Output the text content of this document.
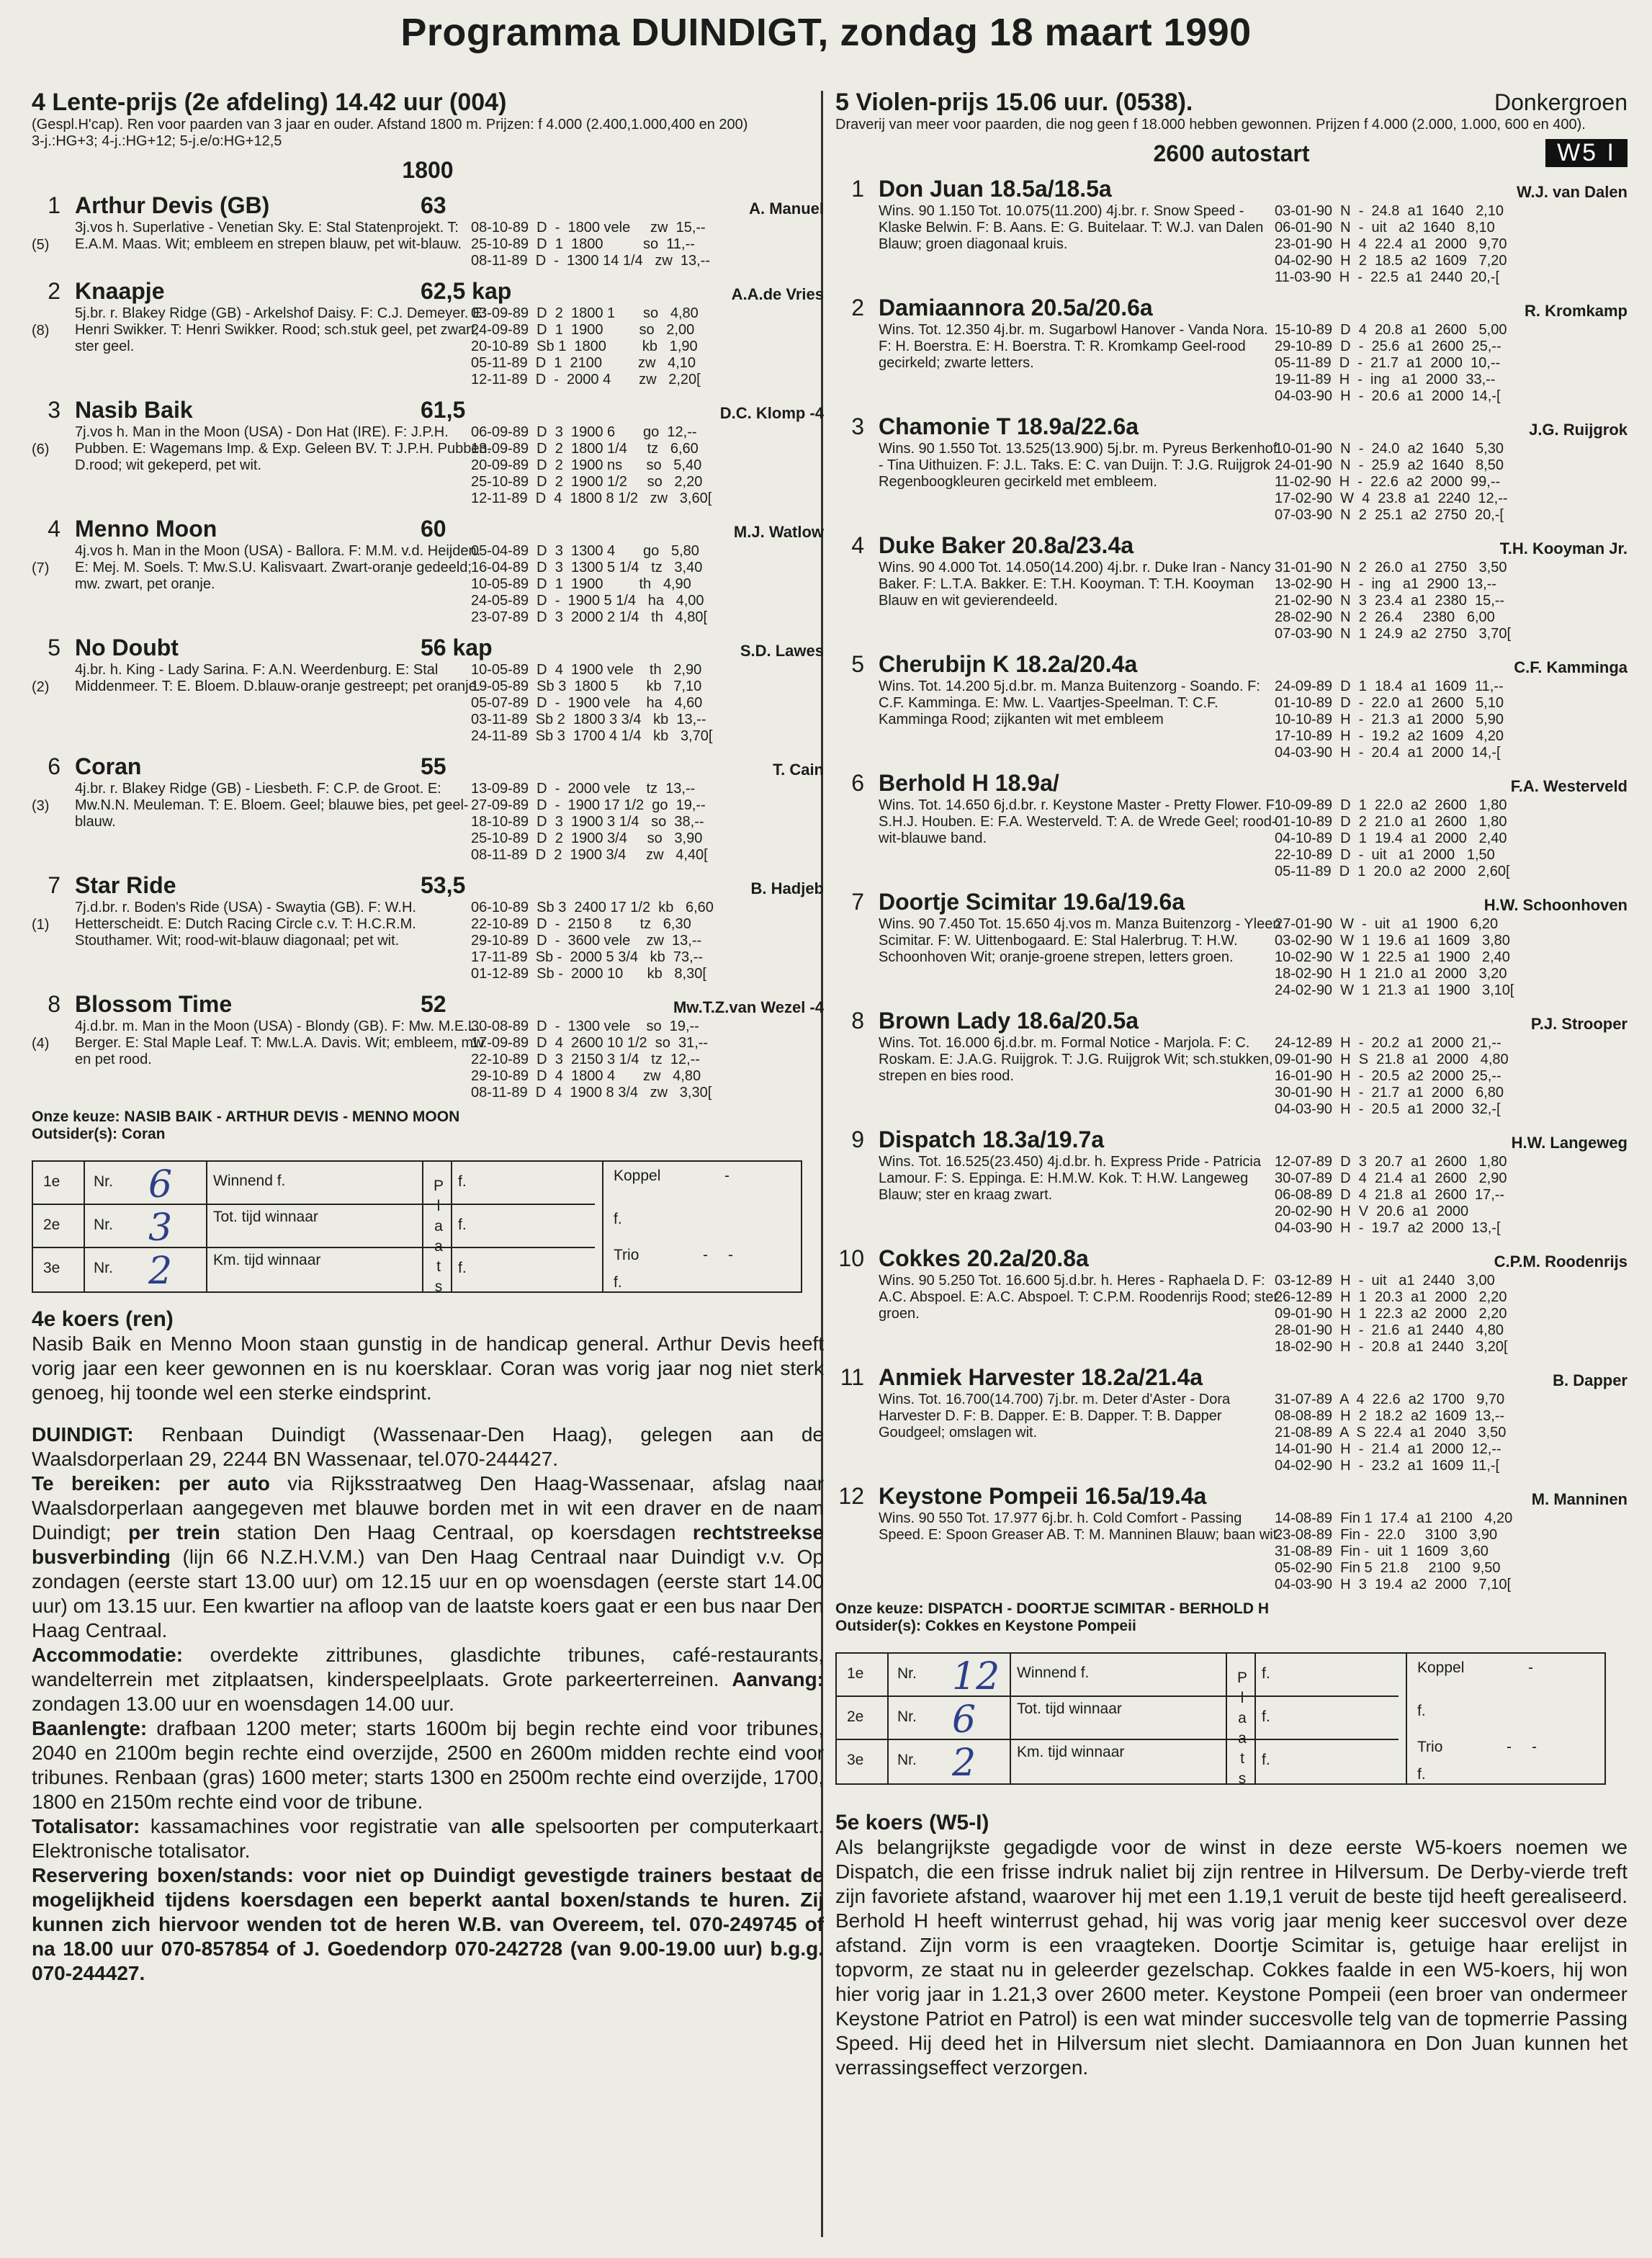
Programma DUINDIGT, zondag 18 maart 1990
4 Lente-prijs (2e afdeling) 14.42 uur (004)
(Gespl.H'cap). Ren voor paarden van 3 jaar en ouder. Afstand 1800 m. Prijzen: f 4.000 (2.400,1.000,400 en 200)
3-j.:HG+3; 4-j.:HG+12; 5-j.e/o:HG+12,5
1800
1 Arthur Devis (GB)	63	A. Manuel
(5)
3j.vos h. Superlative - Venetian Sky. E: Stal Statenprojekt. T: E.A.M. Maas. Wit; embleem en strepen blauw, pet wit-blauw.
08-10-89  D  -  1800 vele     zw  15,--
25-10-89  D  1  1800          so  11,--
08-11-89  D  -  1300 14 1/4   zw  13,--
2 Knaapje	62,5 kap	A.A.de Vries
(8)
5j.br. r. Blakey Ridge (GB) - Arkelshof Daisy. F: C.J. Demeyer. E: Henri Swikker. T: Henri Swikker. Rood; sch.stuk geel, pet zwart, ster geel.
03-09-89  D  2  1800 1       so   4,80
24-09-89  D  1  1900         so   2,00
20-10-89  Sb 1  1800         kb   1,90
05-11-89  D  1  2100         zw   4,10
12-11-89  D  -  2000 4       zw   2,20[
3 Nasib Baik	61,5	D.C. Klomp -4
(6)
7j.vos h. Man in the Moon (USA) - Don Hat (IRE). F: J.P.H. Pubben. E: Wagemans Imp. & Exp. Geleen BV. T: J.P.H. Pubben. D.rood; wit gekeperd, pet wit.
06-09-89  D  3  1900 6       go  12,--
13-09-89  D  2  1800 1/4     tz   6,60
20-09-89  D  2  1900 ns      so   5,40
25-10-89  D  2  1900 1/2     so   2,20
12-11-89  D  4  1800 8 1/2   zw   3,60[
4 Menno Moon	60	M.J. Watlow
(7)
4j.vos h. Man in the Moon (USA) - Ballora. F: M.M. v.d. Heijden. E: Mej. M. Soels. T: Mw.S.U. Kalisvaart. Zwart-oranje gedeeld; mw. zwart, pet oranje.
05-04-89  D  3  1300 4       go   5,80
16-04-89  D  3  1300 5 1/4   tz   3,40
10-05-89  D  1  1900         th   4,90
24-05-89  D  -  1900 5 1/4   ha   4,00
23-07-89  D  3  2000 2 1/4   th   4,80[
5 No Doubt	56 kap	S.D. Lawes
(2)
4j.br. h. King - Lady Sarina. F: A.N. Weerdenburg. E: Stal Middenmeer. T: E. Bloem. D.blauw-oranje gestreept; pet oranje.
10-05-89  D  4  1900 vele    th   2,90
19-05-89  Sb 3  1800 5       kb   7,10
05-07-89  D  -  1900 vele    ha   4,60
03-11-89  Sb 2  1800 3 3/4   kb  13,--
24-11-89  Sb 3  1700 4 1/4   kb   3,70[
6 Coran	55	T. Cain
(3)
4j.br. r. Blakey Ridge (GB) - Liesbeth. F: C.P. de Groot. E: Mw.N.N. Meuleman. T: E. Bloem. Geel; blauwe bies, pet geel-blauw.
13-09-89  D  -  2000 vele    tz  13,--
27-09-89  D  -  1900 17 1/2  go  19,--
18-10-89  D  3  1900 3 1/4   so  38,--
25-10-89  D  2  1900 3/4     so   3,90
08-11-89  D  2  1900 3/4     zw   4,40[
7 Star Ride	53,5	B. Hadjeb
(1)
7j.d.br. r. Boden's Ride (USA) - Swaytia (GB). F: W.H. Hetterscheidt. E: Dutch Racing Circle c.v. T: H.C.R.M. Stouthamer. Wit; rood-wit-blauw diagonaal; pet wit.
06-10-89  Sb 3  2400 17 1/2  kb   6,60
22-10-89  D  -  2150 8       tz   6,30
29-10-89  D  -  3600 vele    zw  13,--
17-11-89  Sb -  2000 5 3/4   kb  73,--
01-12-89  Sb -  2000 10      kb   8,30[
8 Blossom Time	52	Mw.T.Z.van Wezel -4
(4)
4j.d.br. m. Man in the Moon (USA) - Blondy (GB). F: Mw. M.E.L. Berger. E: Stal Maple Leaf. T: Mw.L.A. Davis. Wit; embleem, mw. en pet rood.
30-08-89  D  -  1300 vele    so  19,--
17-09-89  D  4  2600 10 1/2  so  31,--
22-10-89  D  3  2150 3 1/4   tz  12,--
29-10-89  D  4  1800 4       zw   4,80
08-11-89  D  4  1900 8 3/4   zw   3,30[
Onze keuze: NASIB BAIK - ARTHUR DEVIS - MENNO MOON
Outsider(s): Coran
1e Nr. 6	Winnend f.	f.
2e Nr. 3	Tot. tijd winnaar	f.
3e Nr. 2	Km. tijd winnaar	f.
P l a a t s
Koppel	-
f.
Trio	- -
f.
4e koers (ren)
Nasib Baik en Menno Moon staan gunstig in de handicap general. Arthur Devis heeft vorig jaar een keer gewonnen en is nu koersklaar. Coran was vorig jaar nog niet sterk genoeg, hij toonde wel een sterke eindsprint.

DUINDIGT: Renbaan Duindigt (Wassenaar-Den Haag), gelegen aan de Waalsdorperlaan 29, 2244 BN Wassenaar, tel.070-244427.

Te bereiken: per auto via Rijksstraatweg Den Haag-Wassenaar, afslag naar Waalsdorperlaan aangegeven met blauwe borden met in wit een draver en de naam Duindigt; per trein station Den Haag Centraal, op koersdagen rechtstreekse busverbinding (lijn 66 N.Z.H.V.M.) van Den Haag Centraal naar Duindigt v.v. Op zondagen (eerste start 13.00 uur) om 12.15 uur en op woensdagen (eerste start 14.00 uur) om 13.15 uur. Een kwartier na afloop van de laatste koers gaat er een bus naar Den Haag Centraal.

Accommodatie: overdekte zittribunes, glasdichte tribunes, café-restaurants, wandelterrein met zitplaatsen, kinderspeelplaats. Grote parkeerterreinen. Aanvang: zondagen 13.00 uur en woensdagen 14.00 uur.

Baanlengte: drafbaan 1200 meter; starts 1600m bij begin rechte eind voor tribunes, 2040 en 2100m begin rechte eind overzijde, 2500 en 2600m midden rechte eind voor tribunes. Renbaan (gras) 1600 meter; starts 1300 en 2500m rechte eind overzijde, 1700, 1800 en 2150m rechte eind voor de tribune.

Totalisator: kassamachines voor registratie van alle spelsoorten per computerkaart. Elektronische totalisator.

Reservering boxen/stands: voor niet op Duindigt gevestigde trainers bestaat de mogelijkheid tijdens koersdagen een beperkt aantal boxen/stands te huren. Zij kunnen zich hiervoor wenden tot de heren W.B. van Overeem, tel. 070-249745 of na 18.00 uur 070-857854 of J. Goedendorp 070-242728 (van 9.00-19.00 uur) b.g.g. 070-244427.

5 Violen-prijs 15.06 uur. (0538).	Donkergroen
Draverij van meer voor paarden, die nog geen f 18.000 hebben gewonnen. Prijzen f 4.000 (2.000, 1.000, 600 en 400).
2600 autostart	W5 I
1 Don Juan 18.5a/18.5a	W.J. van Dalen
Wins. 90 1.150 Tot. 10.075(11.200) 4j.br. r. Snow Speed - Klaske Belwin. F: B. Aans. E: G. Buitelaar. T: W.J. van Dalen Blauw; groen diagonaal kruis.
03-01-90  N  -  24.8  a1  1640   2,10
06-01-90  N  -  uit   a2  1640   8,10
23-01-90  H  4  22.4  a1  2000   9,70
04-02-90  H  2  18.5  a2  1609   7,20
11-03-90  H  -  22.5  a1  2440  20,-[
2 Damiaannora 20.5a/20.6a	R. Kromkamp
Wins. Tot. 12.350 4j.br. m. Sugarbowl Hanover - Vanda Nora. F: H. Boerstra. E: H. Boerstra. T: R. Kromkamp Geel-rood gecirkeld; zwarte letters.
15-10-89  D  4  20.8  a1  2600   5,00
29-10-89  D  -  25.6  a1  2600  25,--
05-11-89  D  -  21.7  a1  2000  10,--
19-11-89  H  -  ing   a1  2000  33,--
04-03-90  H  -  20.6  a1  2000  14,-[
3 Chamonie T 18.9a/22.6a	J.G. Ruijgrok
Wins. 90 1.550 Tot. 13.525(13.900) 5j.br. m. Pyreus Berkenhof - Tina Uithuizen. F: J.L. Taks. E: C. van Duijn. T: J.G. Ruijgrok Regenboogkleuren gecirkeld met embleem.
10-01-90  N  -  24.0  a2  1640   5,30
24-01-90  N  -  25.9  a2  1640   8,50
11-02-90  H  -  22.6  a2  2000  99,--
17-02-90  W  4  23.8  a1  2240  12,--
07-03-90  N  2  25.1  a2  2750  20,-[
4 Duke Baker 20.8a/23.4a	T.H. Kooyman Jr.
Wins. 90 4.000 Tot. 14.050(14.200) 4j.br. r. Duke Iran - Nancy Baker. F: L.T.A. Bakker. E: T.H. Kooyman. T: T.H. Kooyman Blauw en wit gevierendeeld.
31-01-90  N  2  26.0  a1  2750   3,50
13-02-90  H  -  ing   a1  2900  13,--
21-02-90  N  3  23.4  a1  2380  15,--
28-02-90  N  2  26.4     2380   6,00
07-03-90  N  1  24.9  a2  2750   3,70[
5 Cherubijn K 18.2a/20.4a	C.F. Kamminga
Wins. Tot. 14.200 5j.d.br. m. Manza Buitenzorg - Soando. F: C.F. Kamminga. E: Mw. L. Vaartjes-Speelman. T: C.F. Kamminga Rood; zijkanten wit met embleem
24-09-89  D  1  18.4  a1  1609  11,--
01-10-89  D  -  22.0  a1  2600   5,10
10-10-89  H  -  21.3  a1  2000   5,90
17-10-89  H  -  19.2  a2  1609   4,20
04-03-90  H  -  20.4  a1  2000  14,-[
6 Berhold H 18.9a/	F.A. Westerveld
Wins. Tot. 14.650 6j.d.br. r. Keystone Master - Pretty Flower. F: S.H.J. Houben. E: F.A. Westerveld. T: A. de Wrede Geel; rood-wit-blauwe band.
10-09-89  D  1  22.0  a2  2600   1,80
01-10-89  D  2  21.0  a1  2600   1,80
04-10-89  D  1  19.4  a1  2000   2,40
22-10-89  D  -  uit   a1  2000   1,50
05-11-89  D  1  20.0  a2  2000   2,60[
7 Doortje Scimitar 19.6a/19.6a	H.W. Schoonhoven
Wins. 90 7.450 Tot. 15.650 4j.vos m. Manza Buitenzorg - Yleen Scimitar. F: W. Uittenbogaard. E: Stal Halerbrug. T: H.W. Schoonhoven Wit; oranje-groene strepen, letters groen.
27-01-90  W  -  uit   a1  1900   6,20
03-02-90  W  1  19.6  a1  1609   3,80
10-02-90  W  1  22.5  a1  1900   2,40
18-02-90  H  1  21.0  a1  2000   3,20
24-02-90  W  1  21.3  a1  1900   3,10[
8 Brown Lady 18.6a/20.5a	P.J. Strooper
Wins. Tot. 16.000 6j.d.br. m. Formal Notice - Marjola. F: C. Roskam. E: J.A.G. Ruijgrok. T: J.G. Ruijgrok Wit; sch.stukken, strepen en bies rood.
24-12-89  H  -  20.2  a1  2000  21,--
09-01-90  H  S  21.8  a1  2000   4,80
16-01-90  H  -  20.5  a2  2000  25,--
30-01-90  H  -  21.7  a1  2000   6,80
04-03-90  H  -  20.5  a1  2000  32,-[
9 Dispatch 18.3a/19.7a	H.W. Langeweg
Wins. Tot. 16.525(23.450) 4j.d.br. h. Express Pride - Patricia Lamour. F: S. Eppinga. E: H.M.W. Kok. T: H.W. Langeweg Blauw; ster en kraag zwart.
12-07-89  D  3  20.7  a1  2600   1,80
30-07-89  D  4  21.4  a1  2600   2,90
06-08-89  D  4  21.8  a1  2600  17,--
20-02-90  H  V  20.6  a1  2000
04-03-90  H  -  19.7  a2  2000  13,-[
10 Cokkes 20.2a/20.8a	C.P.M. Roodenrijs
Wins. 90 5.250 Tot. 16.600 5j.d.br. h. Heres - Raphaela D. F: A.C. Abspoel. E: A.C. Abspoel. T: C.P.M. Roodenrijs Rood; ster groen.
03-12-89  H  -  uit   a1  2440   3,00
26-12-89  H  1  20.3  a1  2000   2,20
09-01-90  H  1  22.3  a2  2000   2,20
28-01-90  H  -  21.6  a1  2440   4,80
18-02-90  H  -  20.8  a1  2440   3,20[
11 Anmiek Harvester 18.2a/21.4a	B. Dapper
Wins. Tot. 16.700(14.700) 7j.br. m. Deter d'Aster - Dora Harvester D. F: B. Dapper. E: B. Dapper. T: B. Dapper Goudgeel; omslagen wit.
31-07-89  A  4  22.6  a2  1700   9,70
08-08-89  H  2  18.2  a2  1609  13,--
21-08-89  A  S  22.4  a1  2040   3,50
14-01-90  H  -  21.4  a1  2000  12,--
04-02-90  H  -  23.2  a1  1609  11,-[
12 Keystone Pompeii 16.5a/19.4a	M. Manninen
Wins. 90 550 Tot. 17.977 6j.br. h. Cold Comfort - Passing Speed. E: Spoon Greaser AB. T: M. Manninen Blauw; baan wit.
14-08-89  Fin 1  17.4  a1  2100   4,20
23-08-89  Fin -  22.0     3100   3,90
31-08-89  Fin -  uit  1  1609   3,60
05-02-90  Fin 5  21.8     2100   9,50
04-03-90  H  3  19.4  a2  2000   7,10[
Onze keuze: DISPATCH - DOORTJE SCIMITAR - BERHOLD H
Outsider(s): Cokkes en Keystone Pompeii
1e Nr. 12 Winnend f.	f.
2e Nr. 6	Tot. tijd winnaar	f.
3e Nr. 2	Km. tijd winnaar	f.
P l a a t s
Koppel	-
f.
Trio	- -
f.
5e koers (W5-I)
Als belangrijkste gegadigde voor de winst in deze eerste W5-koers noemen we Dispatch, die een frisse indruk naliet bij zijn rentree in Hilversum. De Derby-vierde treft zijn favoriete afstand, waarover hij met een 1.19,1 veruit de beste tijd heeft gerealiseerd. Berhold H heeft winterrust gehad, hij was vorig jaar menig keer succesvol over deze afstand. Zijn vorm is een vraagteken. Doortje Scimitar is, getuige haar erelijst in topvorm, ze staat nu in geleerder gezelschap. Cokkes faalde in een W5-koers, hij won hier vorig jaar in 1.21,3 over 2600 meter. Keystone Pompeii (een broer van ondermeer Keystone Patriot en Patrol) is een wat minder succesvolle telg van de topmerrie Passing Speed. Hij deed het in Hilversum niet slecht. Damiaannora en Don Juan kunnen het verrassingseffect verzorgen.
